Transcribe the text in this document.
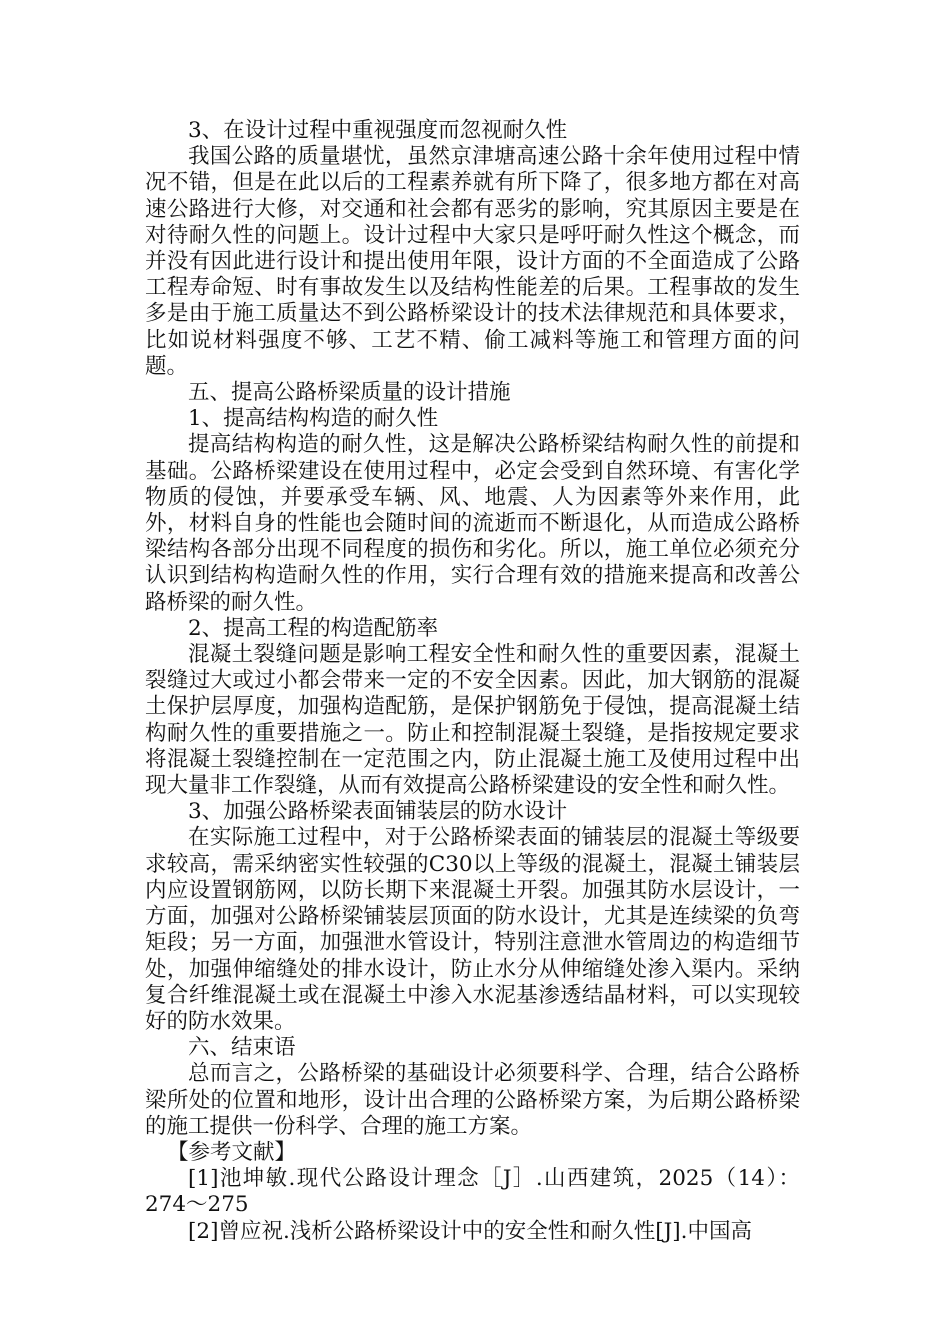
3、在设计过程中重视强度而忽视耐久性

我国公路的质量堪忧，虽然京津塘高速公路十余年使用过程中情况不错，但是在此以后的工程素养就有所下降了，很多地方都在对高速公路进行大修，对交通和社会都有恶劣的影响，究其原因主要是在对待耐久性的问题上。设计过程中大家只是呼吁耐久性这个概念，而并没有因此进行设计和提出使用年限，设计方面的不全面造成了公路工程寿命短、时有事故发生以及结构性能差的后果。工程事故的发生多是由于施工质量达不到公路桥梁设计的技术法律规范和具体要求，比如说材料强度不够、工艺不精、偷工减料等施工和管理方面的问题。

五、提高公路桥梁质量的设计措施

1、提高结构构造的耐久性

提高结构构造的耐久性，这是解决公路桥梁结构耐久性的前提和基础。公路桥梁建设在使用过程中，必定会受到自然环境、有害化学物质的侵蚀，并要承受车辆、风、地震、人为因素等外来作用，此外，材料自身的性能也会随时间的流逝而不断退化，从而造成公路桥梁结构各部分出现不同程度的损伤和劣化。所以，施工单位必须充分认识到结构构造耐久性的作用，实行合理有效的措施来提高和改善公路桥梁的耐久性。

2、提高工程的构造配筋率

混凝土裂缝问题是影响工程安全性和耐久性的重要因素，混凝土裂缝过大或过小都会带来一定的不安全因素。因此，加大钢筋的混凝土保护层厚度，加强构造配筋，是保护钢筋免于侵蚀，提高混凝土结构耐久性的重要措施之一。防止和控制混凝土裂缝，是指按规定要求将混凝土裂缝控制在一定范围之内，防止混凝土施工及使用过程中出现大量非工作裂缝，从而有效提高公路桥梁建设的安全性和耐久性。

3、加强公路桥梁表面铺装层的防水设计

在实际施工过程中，对于公路桥梁表面的铺装层的混凝土等级要求较高，需采纳密实性较强的C30以上等级的混凝土，混凝土铺装层内应设置钢筋网，以防长期下来混凝土开裂。加强其防水层设计，一方面，加强对公路桥梁铺装层顶面的防水设计，尤其是连续梁的负弯矩段；另一方面，加强泄水管设计，特别注意泄水管周边的构造细节处，加强伸缩缝处的排水设计，防止水分从伸缩缝处渗入渠内。采纳复合纤维混凝土或在混凝土中渗入水泥基渗透结晶材料，可以实现较好的防水效果。

六、结束语

总而言之，公路桥梁的基础设计必须要科学、合理，结合公路桥梁所处的位置和地形，设计出合理的公路桥梁方案，为后期公路桥梁的施工提供一份科学、合理的施工方案。

【参考文献】

[1]池坤敏.现代公路设计理念［J］.山西建筑，2025（14）：274～275

[2]曾应祝.浅析公路桥梁设计中的安全性和耐久性[J].中国高
